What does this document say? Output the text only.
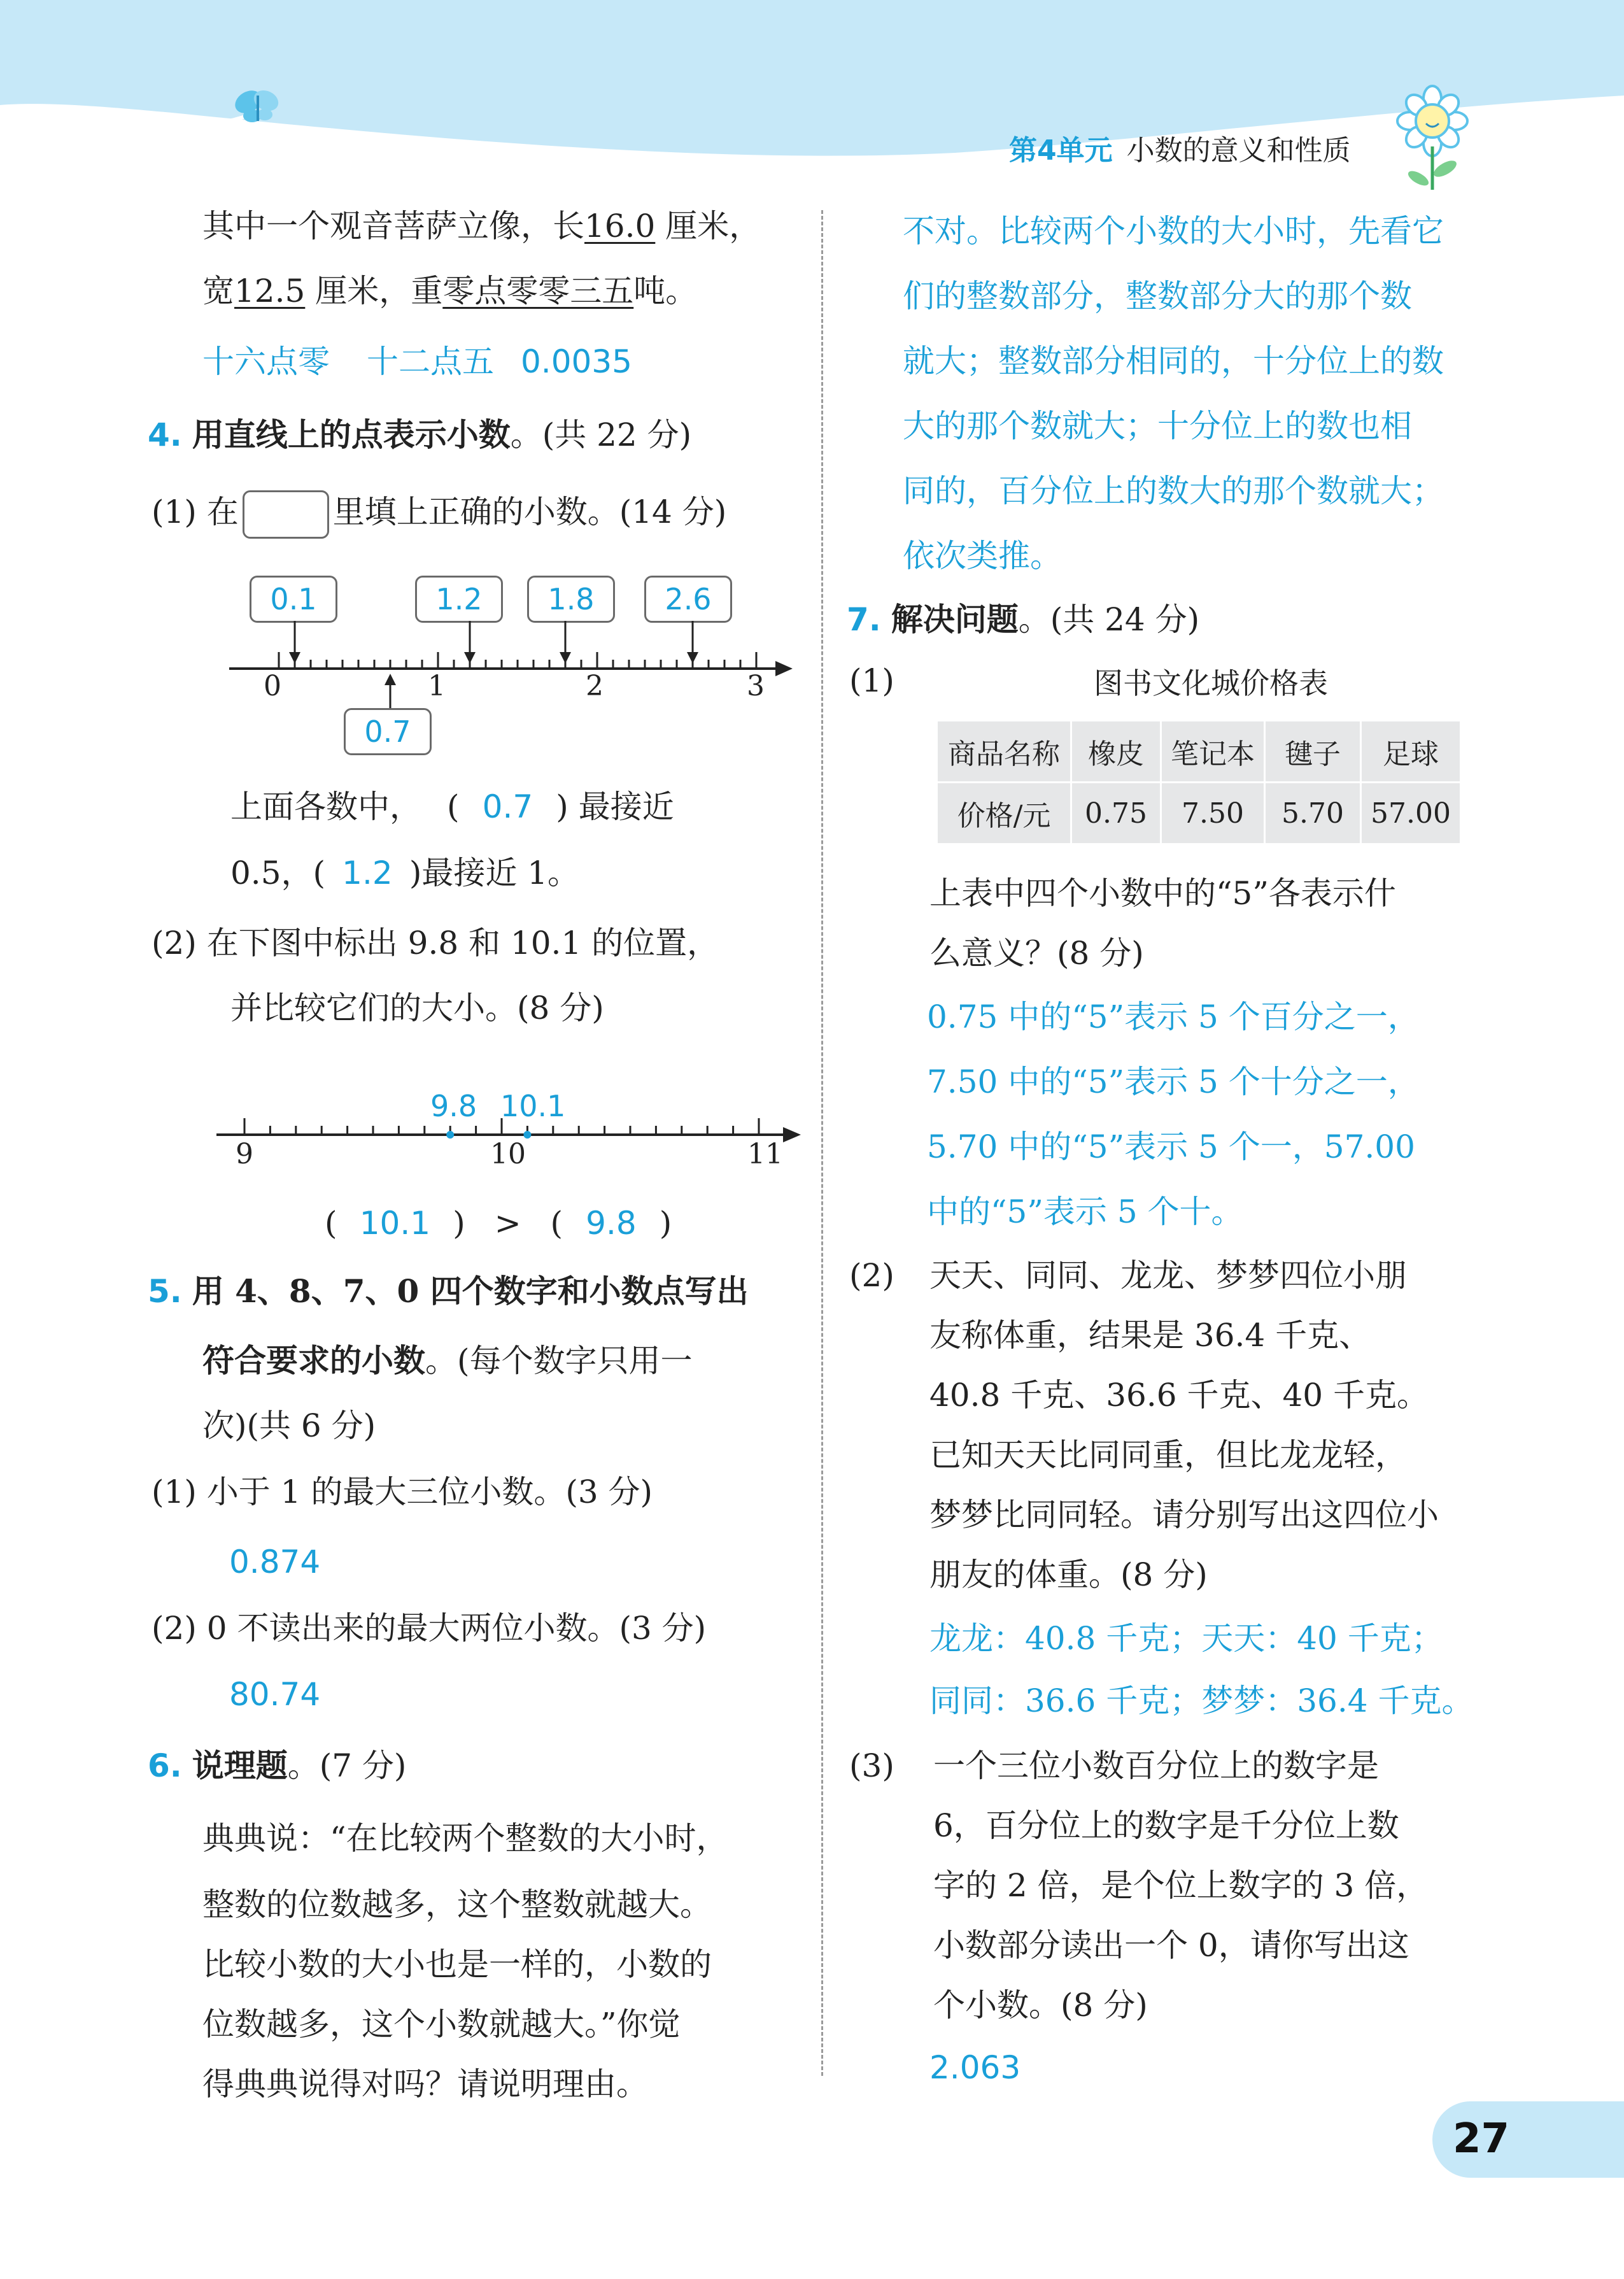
第4单元 小数的意义和性质
其中一个观音菩萨立像，长16.0 厘米，
宽12.5 厘米，重零点零零三五吨。
十六点零 十二点五 0.0035
4. 用直线上的点表示小数。(共 22 分)
(1) 在	里填上正确的小数。(14 分)
0.1	1.2	1.8	2.6
0.7
0	1	2	3
上面各数中， ( 0.7 ) 最接近
0.5，( 1.2 )最接近 1。
(2) 在下图中标出 9.8 和 10.1 的位置，
并比较它们的大小。(8 分)
9.8 10.1
9	10	11
( 10.1 ) > ( 9.8 )
5. 用 4、8、7、0 四个数字和小数点写出
符合要求的小数。(每个数字只用一
次)(共 6 分)
(1) 小于 1 的最大三位小数。(3 分)
0.874
(2) 0 不读出来的最大两位小数。(3 分)
80.74
6. 说理题。(7 分)
典典说：“在比较两个整数的大小时，
整数的位数越多，这个整数就越大。
比较小数的大小也是一样的，小数的
位数越多，这个小数就越大。”你觉
得典典说得对吗？请说明理由。
不对。比较两个小数的大小时，先看它
们的整数部分，整数部分大的那个数
就大；整数部分相同的，十分位上的数
大的那个数就大；十分位上的数也相
同的，百分位上的数大的那个数就大；
依次类推。
7. 解决问题。(共 24 分)
(1)	图书文化城价格表
商品名称	橡皮	笔记本	毽子	足球
价格/元	0.75	7.50	5.70	57.00
上表中四个小数中的“5”各表示什
么意义？(8 分)
0.75 中的“5”表示 5 个百分之一，
7.50 中的“5”表示 5 个十分之一，
5.70 中的“5”表示 5 个一，57.00
中的“5”表示 5 个十。
(2) 天天、同同、龙龙、梦梦四位小朋
友称体重，结果是 36.4 千克、
40.8 千克、36.6 千克、40 千克。
已知天天比同同重，但比龙龙轻，
梦梦比同同轻。请分别写出这四位小
朋友的体重。(8 分)
龙龙：40.8 千克；天天：40 千克；
同同：36.6 千克；梦梦：36.4 千克。
(3) 一个三位小数百分位上的数字是
6，百分位上的数字是千分位上数
字的 2 倍，是个位上数字的 3 倍，
小数部分读出一个 0，请你写出这
个小数。(8 分)
2.063
27
